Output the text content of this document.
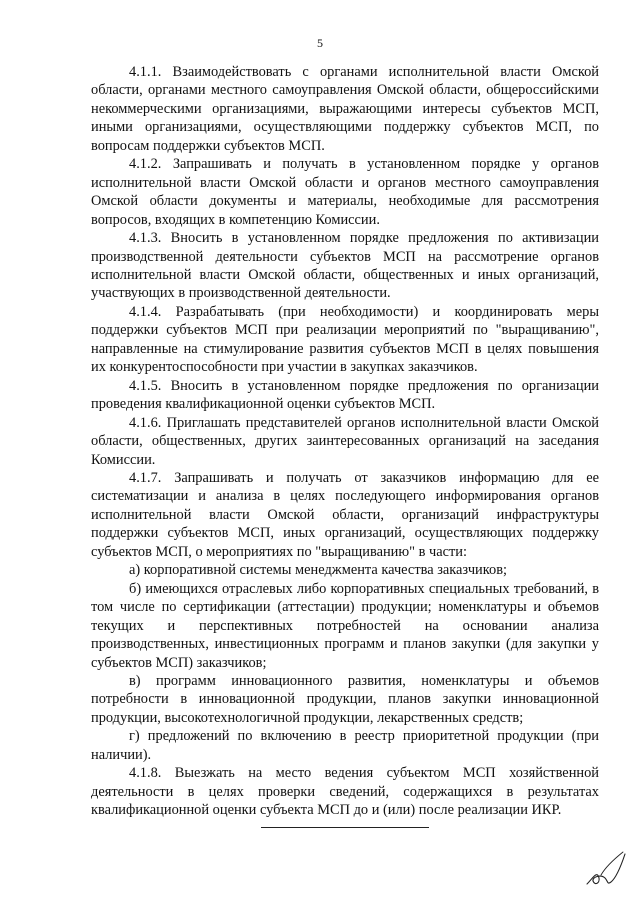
5

4.1.1. Взаимодействовать с органами исполнительной власти Омской области, органами местного самоуправления Омской области, общероссийскими некоммерческими организациями, выражающими интересы субъектов МСП, иными организациями, осуществляющими поддержку субъектов МСП, по вопросам поддержки субъектов МСП.

4.1.2. Запрашивать и получать в установленном порядке у органов исполнительной власти Омской области и органов местного самоуправления Омской области документы и материалы, необходимые для рассмотрения вопросов, входящих в компетенцию Комиссии.

4.1.3. Вносить в установленном порядке предложения по активизации производственной деятельности субъектов МСП на рассмотрение органов исполнительной власти Омской области, общественных и иных организаций, участвующих в производственной деятельности.

4.1.4. Разрабатывать (при необходимости) и координировать меры поддержки субъектов МСП при реализации мероприятий по "выращиванию", направленные на стимулирование развития субъектов МСП в целях повышения их конкурентоспособности при участии в закупках заказчиков.

4.1.5. Вносить в установленном порядке предложения по организации проведения квалификационной оценки субъектов МСП.

4.1.6. Приглашать представителей органов исполнительной власти Омской области, общественных, других заинтересованных организаций на заседания Комиссии.

4.1.7. Запрашивать и получать от заказчиков информацию для ее систематизации и анализа в целях последующего информирования органов исполнительной власти Омской области, организаций инфраструктуры поддержки субъектов МСП, иных организаций, осуществляющих поддержку субъектов МСП, о мероприятиях по "выращиванию" в части:

а) корпоративной системы менеджмента качества заказчиков;

б) имеющихся отраслевых либо корпоративных специальных требований, в том числе по сертификации (аттестации) продукции; номенклатуры и объемов текущих и перспективных потребностей на основании анализа производственных, инвестиционных программ и планов закупки (для закупки у субъектов МСП) заказчиков;

в) программ инновационного развития, номенклатуры и объемов потребности в инновационной продукции, планов закупки инновационной продукции, высокотехнологичной продукции, лекарственных средств;

г) предложений по включению в реестр приоритетной продукции (при наличии).

4.1.8. Выезжать на место ведения субъектом МСП хозяйственной деятельности в целях проверки сведений, содержащихся в результатах квалификационной оценки субъекта МСП до и (или) после реализации ИКР.
